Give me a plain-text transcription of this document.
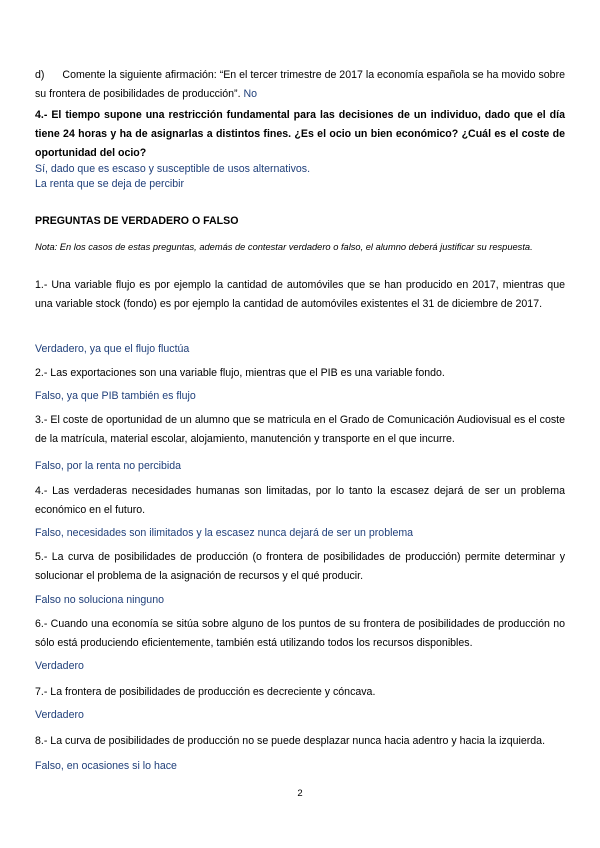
d) Comente la siguiente afirmación: “En el tercer trimestre de 2017 la economía española se ha movido sobre su frontera de posibilidades de producción”. No
4.- El tiempo supone una restricción fundamental para las decisiones de un individuo, dado que el día tiene 24 horas y ha de asignarlas a distintos fines. ¿Es el ocio un bien económico? ¿Cuál es el coste de oportunidad del ocio?
Sí, dado que es escaso y susceptible de usos alternativos.
La renta que se deja de percibir
PREGUNTAS DE VERDADERO O FALSO
Nota: En los casos de estas preguntas, además de contestar verdadero o falso, el alumno deberá justificar su respuesta.
1.- Una variable flujo es por ejemplo la cantidad de automóviles que se han producido en 2017, mientras que una variable stock (fondo) es por ejemplo la cantidad de automóviles existentes el 31 de diciembre de 2017.
Verdadero, ya que el flujo fluctúa
2.- Las exportaciones son una variable flujo, mientras que el PIB es una variable fondo.
Falso, ya que PIB también es flujo
3.- El coste de oportunidad de un alumno que se matricula en el Grado de Comunicación Audiovisual es el coste de la matrícula, material escolar, alojamiento, manutención y transporte en el que incurre.
Falso, por la renta no percibida
4.- Las verdaderas necesidades humanas son limitadas, por lo tanto la escasez dejará de ser un problema económico en el futuro.
Falso, necesidades son ilimitados y la escasez nunca dejará de ser un problema
5.- La curva de posibilidades de producción (o frontera de posibilidades de producción) permite determinar y solucionar el problema de la asignación de recursos y el qué producir.
Falso no soluciona ninguno
6.- Cuando una economía se sitúa sobre alguno de los puntos de su frontera de posibilidades de producción no sólo está produciendo eficientemente, también está utilizando todos los recursos disponibles.
Verdadero
7.- La frontera de posibilidades de producción es decreciente y cóncava.
Verdadero
8.- La curva de posibilidades de producción no se puede desplazar nunca hacia adentro y hacia la izquierda.
Falso, en ocasiones si lo hace
2
